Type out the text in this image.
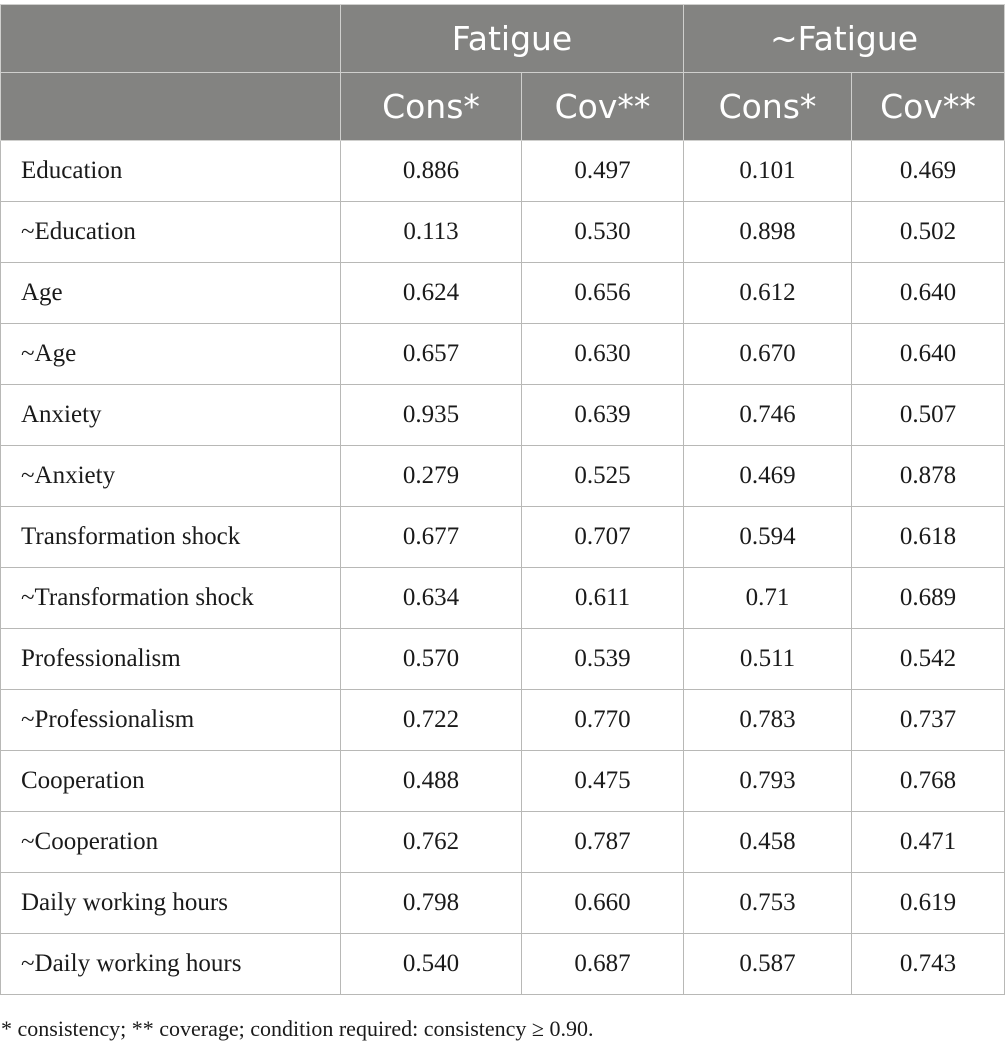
	Fatigue		~Fatigue	
	Cons*	Cov**	Cons*	Cov**
Education	0.886	0.497	0.101	0.469
~Education	0.113	0.530	0.898	0.502
Age	0.624	0.656	0.612	0.640
~Age	0.657	0.630	0.670	0.640
Anxiety	0.935	0.639	0.746	0.507
~Anxiety	0.279	0.525	0.469	0.878
Transformation shock	0.677	0.707	0.594	0.618
~Transformation shock	0.634	0.611	0.71	0.689
Professionalism	0.570	0.539	0.511	0.542
~Professionalism	0.722	0.770	0.783	0.737
Cooperation	0.488	0.475	0.793	0.768
~Cooperation	0.762	0.787	0.458	0.471
Daily working hours	0.798	0.660	0.753	0.619
~Daily working hours	0.540	0.687	0.587	0.743

* consistency; ** coverage; condition required: consistency ≥ 0.90.
